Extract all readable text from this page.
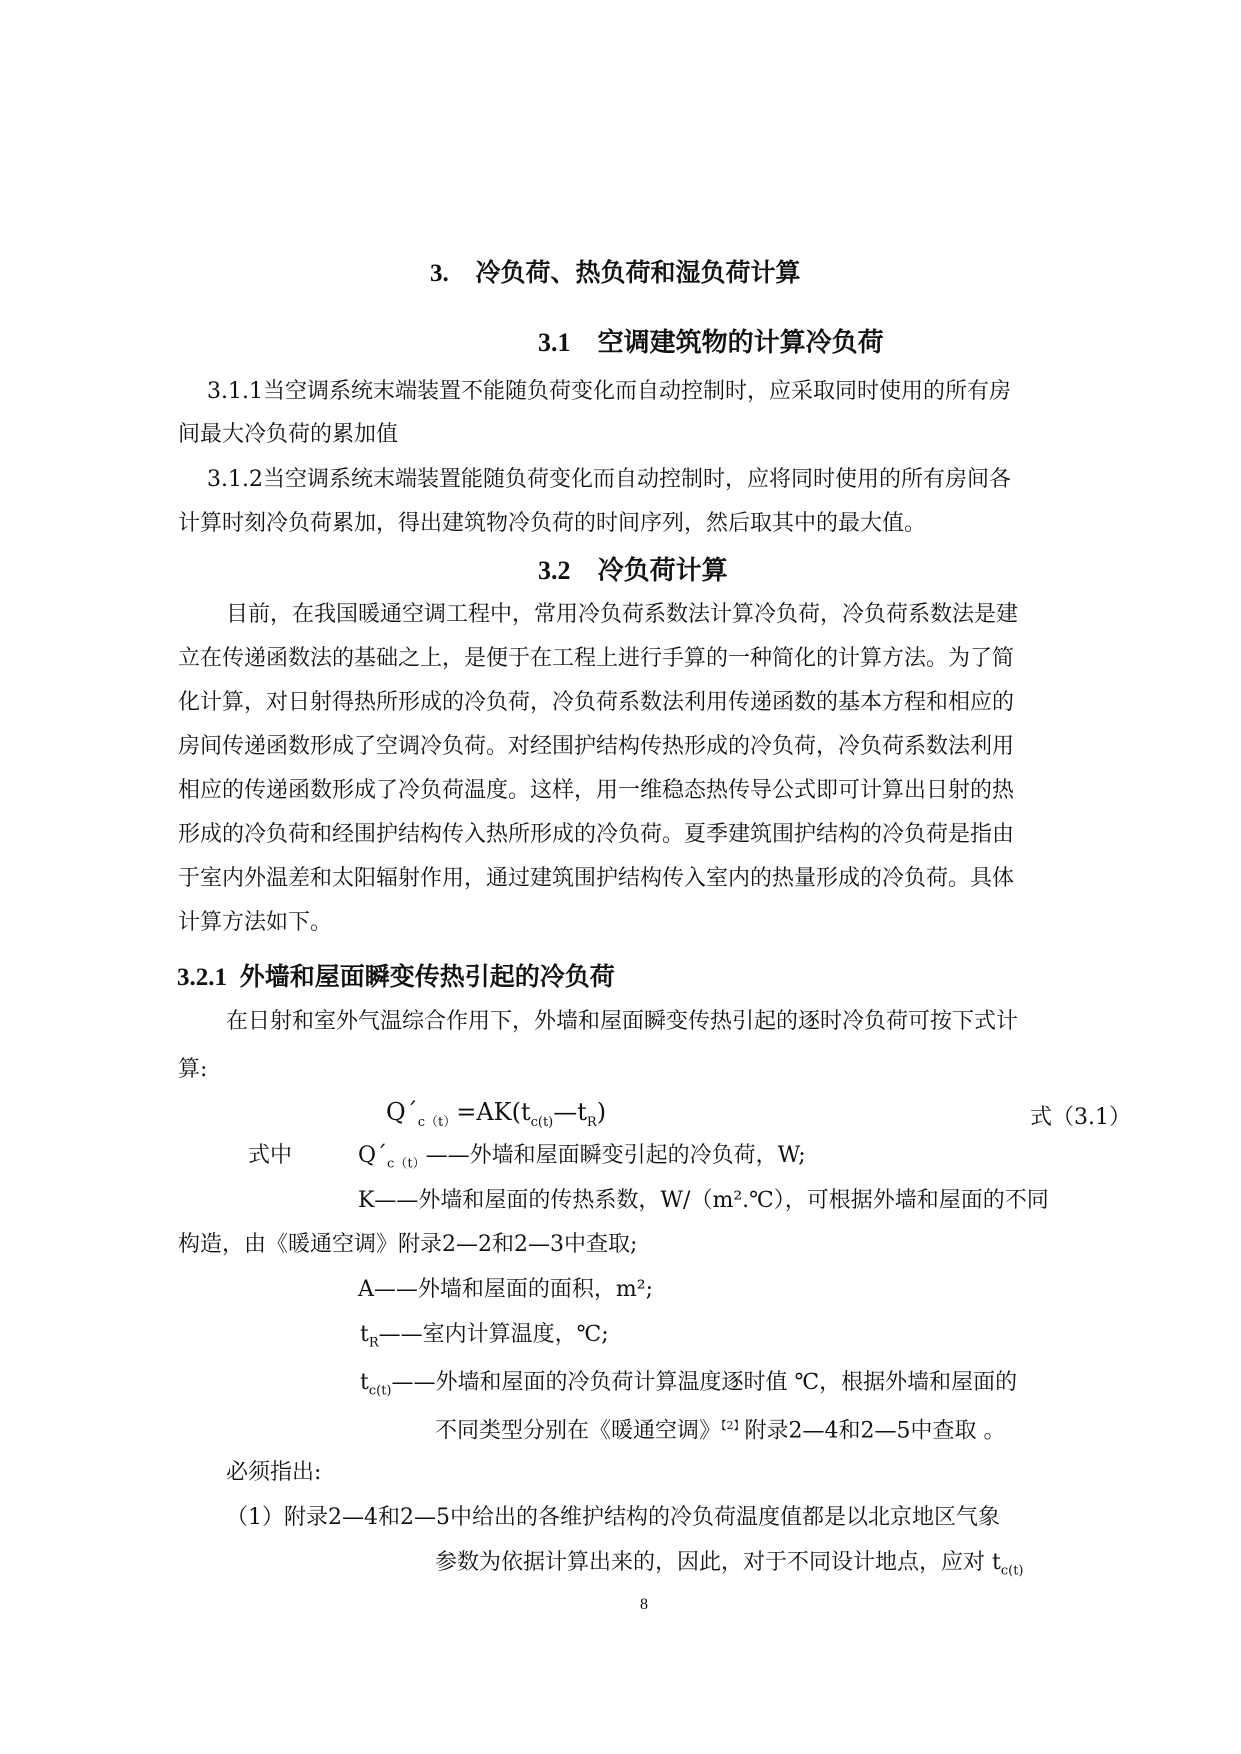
3. 冷负荷、热负荷和湿负荷计算
3.1 空调建筑物的计算冷负荷
3.1.1当空调系统末端装置不能随负荷变化而自动控制时，应采取同时使用的所有房
间最大冷负荷的累加值
3.1.2当空调系统末端装置能随负荷变化而自动控制时，应将同时使用的所有房间各
计算时刻冷负荷累加，得出建筑物冷负荷的时间序列，然后取其中的最大值。
3.2 冷负荷计算
目前，在我国暖通空调工程中，常用冷负荷系数法计算冷负荷，冷负荷系数法是建
立在传递函数法的基础之上，是便于在工程上进行手算的一种简化的计算方法。为了简
化计算，对日射得热所形成的冷负荷，冷负荷系数法利用传递函数的基本方程和相应的
房间传递函数形成了空调冷负荷。对经围护结构传热形成的冷负荷，冷负荷系数法利用
相应的传递函数形成了冷负荷温度。这样，用一维稳态热传导公式即可计算出日射的热
形成的冷负荷和经围护结构传入热所形成的冷负荷。夏季建筑围护结构的冷负荷是指由
于室内外温差和太阳辐射作用，通过建筑围护结构传入室内的热量形成的冷负荷。具体
计算方法如下。
3.2.1 外墙和屋面瞬变传热引起的冷负荷
在日射和室外气温综合作用下，外墙和屋面瞬变传热引起的逐时冷负荷可按下式计
算:
$Q´_{c(t)}=AK(t_{c(t)}—t_R)$	式（3.1）
式中	$Q´_{c(t)}——$外墙和屋面瞬变引起的冷负荷，W;
K——外墙和屋面的传热系数，W/（m².℃），可根据外墙和屋面的不同
构造，由《暖通空调》附录2—2和2—3中查取;
A——外墙和屋面的面积，m²;
$t_R——$室内计算温度，℃;
$t_{c(t)}——$外墙和屋面的冷负荷计算温度逐时值 ℃，根据外墙和屋面的
不同类型分别在《暖通空调》$^{【2】}$附录2—4和2—5中查取 。
必须指出:
（1）附录2—4和2—5中给出的各维护结构的冷负荷温度值都是以北京地区气象
参数为依据计算出来的，因此，对于不同设计地点，应对 $t_{c(t)}$
8
